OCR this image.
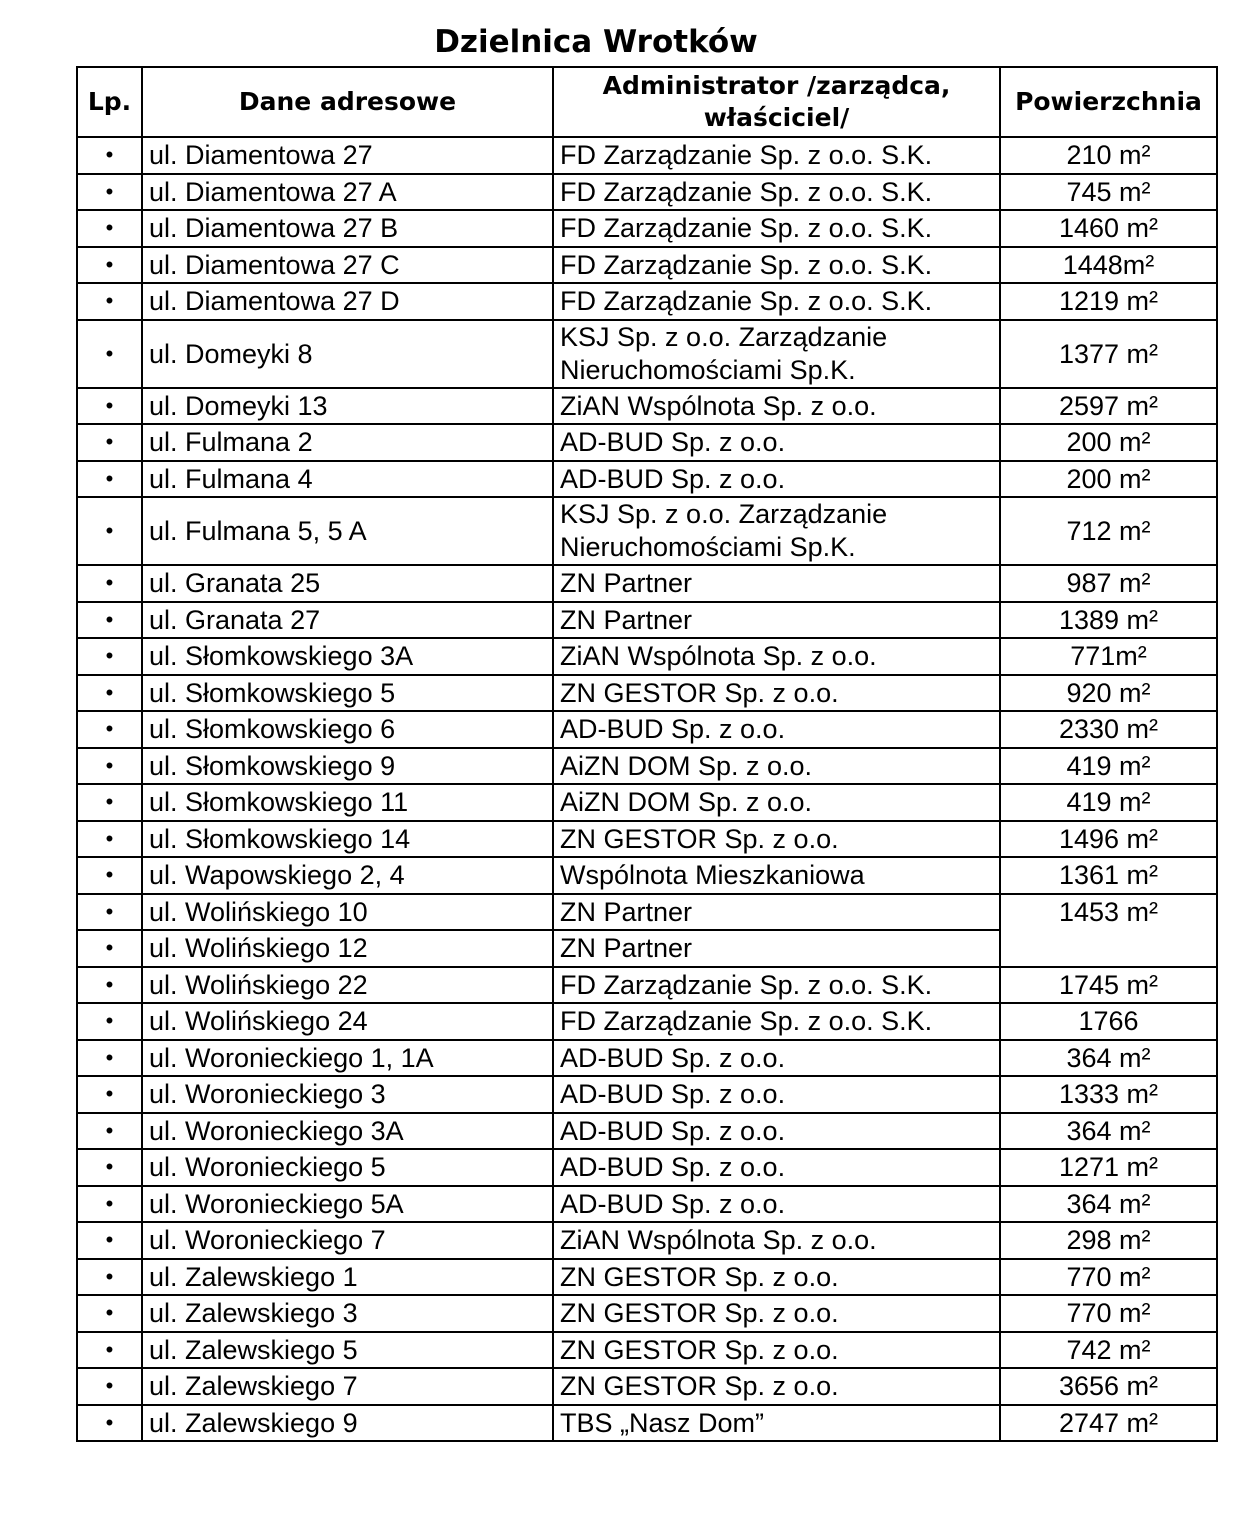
Dzielnica Wrotków
Lp.	Dane adresowe	Administrator /zarządca, właściciel/	Powierzchnia
•	ul. Diamentowa 27	FD Zarządzanie Sp. z o.o. S.K.	210 m²
•	ul. Diamentowa 27 A	FD Zarządzanie Sp. z o.o. S.K.	745 m²
•	ul. Diamentowa 27 B	FD Zarządzanie Sp. z o.o. S.K.	1460 m²
•	ul. Diamentowa 27 C	FD Zarządzanie Sp. z o.o. S.K.	1448m²
•	ul. Diamentowa 27 D	FD Zarządzanie Sp. z o.o. S.K.	1219 m²
•	ul. Domeyki 8	KSJ Sp. z o.o. Zarządzanie Nieruchomościami Sp.K.	1377 m²
•	ul. Domeyki 13	ZiAN Wspólnota Sp. z o.o.	2597 m²
•	ul. Fulmana 2	AD-BUD Sp. z o.o.	200 m²
•	ul. Fulmana 4	AD-BUD Sp. z o.o.	200 m²
•	ul. Fulmana 5, 5 A	KSJ Sp. z o.o. Zarządzanie Nieruchomościami Sp.K.	712 m²
•	ul. Granata 25	ZN Partner	987 m²
•	ul. Granata 27	ZN Partner	1389 m²
•	ul. Słomkowskiego 3A	ZiAN Wspólnota Sp. z o.o.	771m²
•	ul. Słomkowskiego 5	ZN GESTOR Sp. z o.o.	920 m²
•	ul. Słomkowskiego 6	AD-BUD Sp. z o.o.	2330 m²
•	ul. Słomkowskiego 9	AiZN DOM Sp. z o.o.	419 m²
•	ul. Słomkowskiego 11	AiZN DOM Sp. z o.o.	419 m²
•	ul. Słomkowskiego 14	ZN GESTOR Sp. z o.o.	1496 m²
•	ul. Wapowskiego 2, 4	Wspólnota Mieszkaniowa	1361 m²
•	ul. Wolińskiego 10	ZN Partner	1453 m²
•	ul. Wolińskiego 12	ZN Partner	
•	ul. Wolińskiego 22	FD Zarządzanie Sp. z o.o. S.K.	1745 m²
•	ul. Wolińskiego 24	FD Zarządzanie Sp. z o.o. S.K.	1766
•	ul. Woronieckiego 1, 1A	AD-BUD Sp. z o.o.	364 m²
•	ul. Woronieckiego 3	AD-BUD Sp. z o.o.	1333 m²
•	ul. Woronieckiego 3A	AD-BUD Sp. z o.o.	364 m²
•	ul. Woronieckiego 5	AD-BUD Sp. z o.o.	1271 m²
•	ul. Woronieckiego 5A	AD-BUD Sp. z o.o.	364 m²
•	ul. Woronieckiego 7	ZiAN Wspólnota Sp. z o.o.	298 m²
•	ul. Zalewskiego 1	ZN GESTOR Sp. z o.o.	770 m²
•	ul. Zalewskiego 3	ZN GESTOR Sp. z o.o.	770 m²
•	ul. Zalewskiego 5	ZN GESTOR Sp. z o.o.	742 m²
•	ul. Zalewskiego 7	ZN GESTOR Sp. z o.o.	3656 m²
•	ul. Zalewskiego 9	TBS „Nasz Dom”	2747 m²
